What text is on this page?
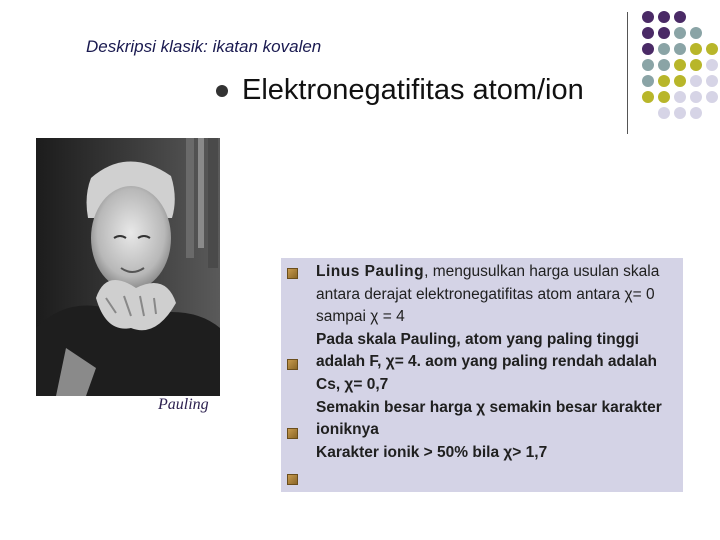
Deskripsi klasik: ikatan kovalen
Elektronegatifitas atom/ion
Pauling

Linus Pauling, mengusulkan harga usulan skala antara derajat elektronegatifitas atom antara χ= 0 sampai χ = 4

Pada skala Pauling, atom yang paling tinggi adalah F, χ= 4. aom yang paling rendah adalah Cs, χ= 0,7

Semakin besar harga χ semakin besar karakter ioniknya

Karakter ionik > 50% bila χ> 1,7
